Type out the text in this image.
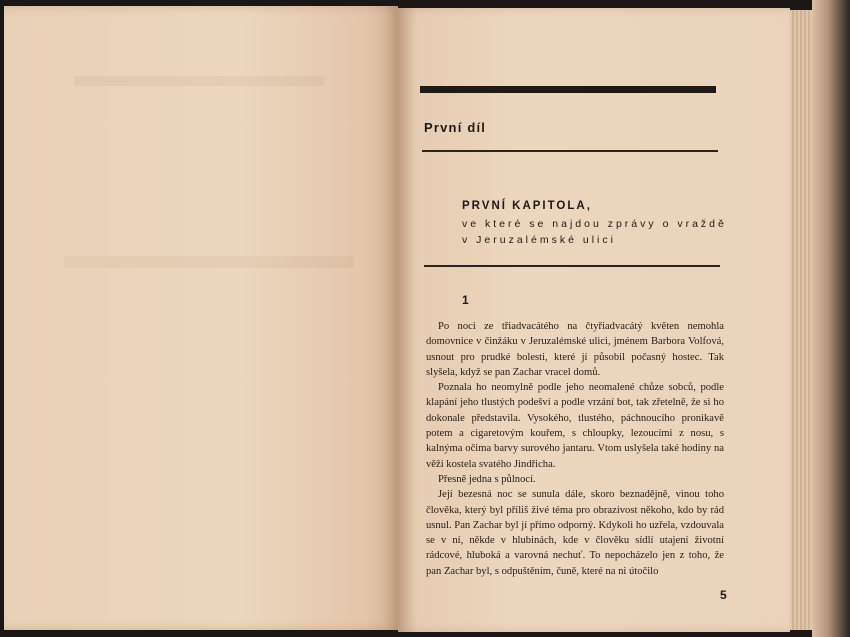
První díl
PRVNÍ KAPITOLA,
ve které se najdou zprávy o vraždě
v Jeruzalémské ulici
1

Po noci ze třiadvacátého na čtyřiadvacátý květen nemohla domovnice v činžáku v Jeruzalémské ulici, jménem Barbora Volfová, usnout pro prudké bolesti, které jí působil počasný hostec. Tak slyšela, když se pan Zachar vracel domů.

Poznala ho neomylně podle jeho neomalené chůze sobců, podle klapání jeho tlustých podešví a podle vrzání bot, tak zřetelně, že si ho dokonale představila. Vysokého, tlustého, páchnoucího pronikavě potem a cigaretovým kouřem, s chloupky, lezoucími z nosu, s kalnýma očima barvy surového jantaru. Vtom uslyšela také hodiny na věži kostela svatého Jindřicha.

Přesně jedna s půlnocí.

Její bezesná noc se sunula dále, skoro beznadějně, vinou toho člověka, který byl příliš živé téma pro obrazivost někoho, kdo by rád usnul. Pan Zachar byl jí přímo odporný. Kdykoli ho uzřela, vzdouvala se v ní, někde v hlubinách, kde v člověku sídlí utajení životní rádcové, hluboká a varovná nechuť. To nepocházelo jen z toho, že pan Zachar byl, s odpuštěním, čuně, které na ni útočilo

5
